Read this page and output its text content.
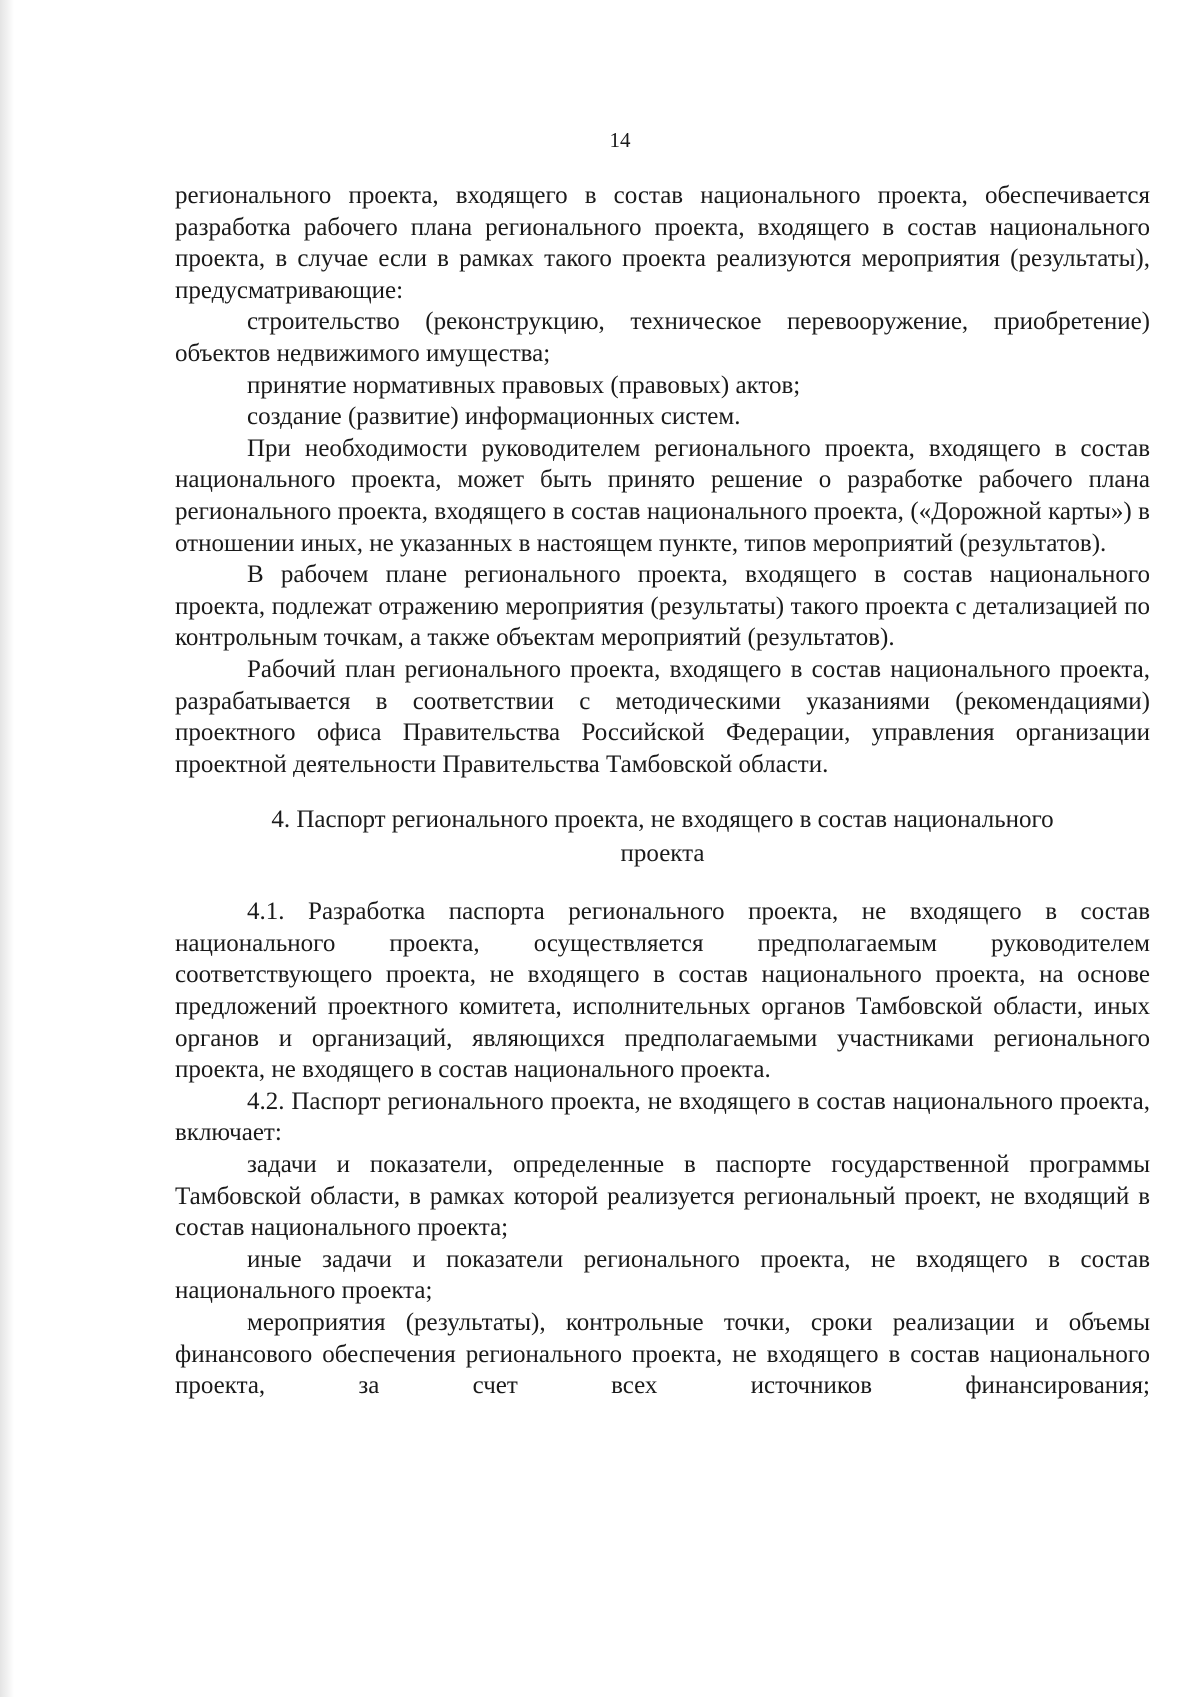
14

регионального проекта, входящего в состав национального проекта, обеспечивается разработка рабочего плана регионального проекта, входящего в состав национального проекта, в случае если в рамках такого проекта реализуются мероприятия (результаты), предусматривающие:

строительство (реконструкцию, техническое перевооружение, приобретение) объектов недвижимого имущества;

принятие нормативных правовых (правовых) актов;

создание (развитие) информационных систем.

При необходимости руководителем регионального проекта, входящего в состав национального проекта, может быть принято решение о разработке рабочего плана регионального проекта, входящего в состав национального проекта, («Дорожной карты») в отношении иных, не указанных в настоящем пункте, типов мероприятий (результатов).

В рабочем плане регионального проекта, входящего в состав национального проекта, подлежат отражению мероприятия (результаты) такого проекта с детализацией по контрольным точкам, а также объектам мероприятий (результатов).

Рабочий план регионального проекта, входящего в состав национального проекта, разрабатывается в соответствии с методическими указаниями (рекомендациями) проектного офиса Правительства Российской Федерации, управления организации проектной деятельности Правительства Тамбовской области.

4. Паспорт регионального проекта, не входящего в состав национального
проекта

4.1. Разработка паспорта регионального проекта, не входящего в состав национального проекта, осуществляется предполагаемым руководителем соответствующего проекта, не входящего в состав национального проекта, на основе предложений проектного комитета, исполнительных органов Тамбовской области, иных органов и организаций, являющихся предполагаемыми участниками регионального проекта, не входящего в состав национального проекта.

4.2. Паспорт регионального проекта, не входящего в состав национального проекта, включает:

задачи и показатели, определенные в паспорте государственной программы Тамбовской области, в рамках которой реализуется региональный проект, не входящий в состав национального проекта;

иные задачи и показатели регионального проекта, не входящего в состав национального проекта;

мероприятия (результаты), контрольные точки, сроки реализации и объемы финансового обеспечения регионального проекта, не входящего в состав национального проекта, за счет всех источников финансирования;
